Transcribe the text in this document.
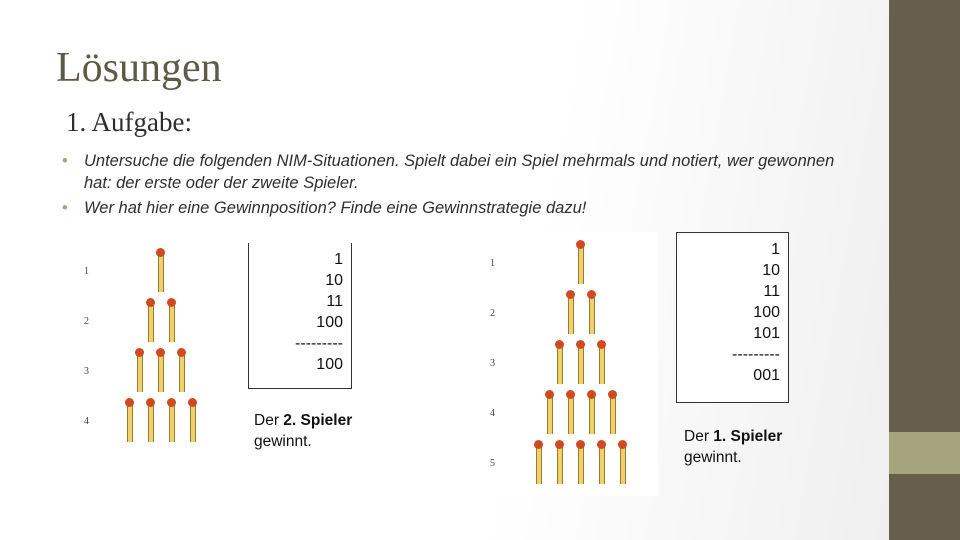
Lösungen
1. Aufgabe:
• Untersuche die folgenden NIM-Situationen. Spielt dabei ein Spiel mehrmals und notiert, wer gewonnen hat: der erste oder der zweite Spieler.
• Wer hat hier eine Gewinnposition? Finde eine Gewinnstrategie dazu!
1
2
3
4
1
2
3
4
5
1
10
11
100
---------
100
1
10
11
100
101
---------
001
Der 2. Spieler
gewinnt.	Der 1. Spieler
gewinnt.
